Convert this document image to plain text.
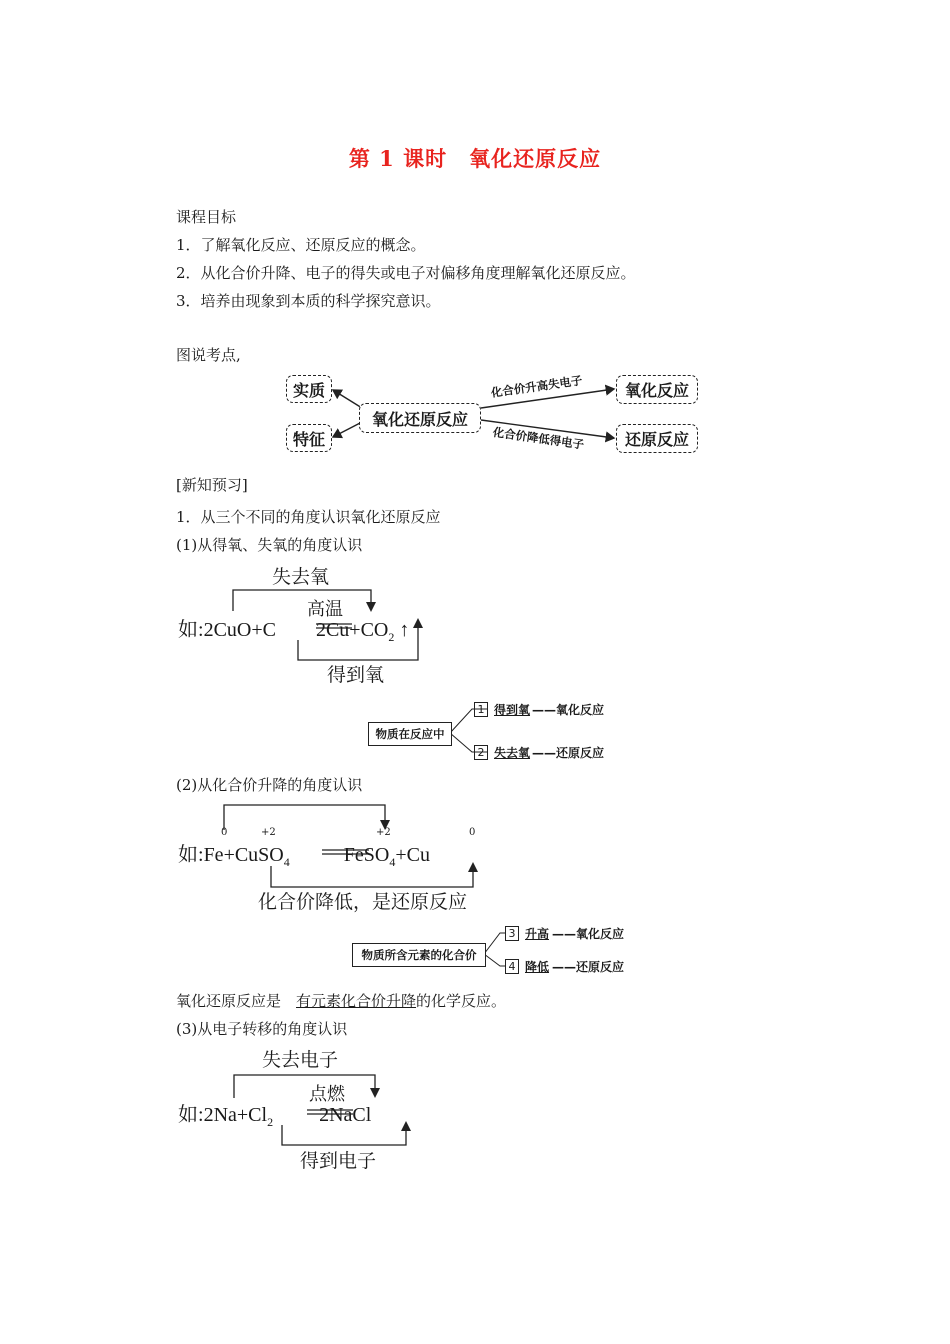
第 1 课时　氧化还原反应
课程目标
1．了解氧化反应、还原反应的概念。
2．从化合价升降、电子的得失或电子对偏移角度理解氧化还原反应。
3．培养由现象到本质的科学探究意识。
图说考点,
实质
特征
氧化还原反应
氧化反应
还原反应
化合价升高失电子
化合价降低得电子
[新知预习]
1．从三个不同的角度认识氧化还原反应
(1)从得氧、失氧的角度认识
失去氧
高温
如:2CuO+C $2Cu+CO_2$ ↑
得到氧
物质在反应中
1 得到氧 ——氧化反应
2 失去氧 ——还原反应
(2)从化合价升降的角度认识
0	+2	+2	0
如:Fe+CuSO$_4$	FeSO$_4$+Cu
化合价降低，是还原反应
物质所含元素的化合价
3 升高 ——氧化反应
4 降低 ——还原反应
氧化还原反应是　有元素化合价升降的化学反应。
(3)从电子转移的角度认识
失去电子
点燃
如$:2Na+Cl_2$ 2NaCl
得到电子
